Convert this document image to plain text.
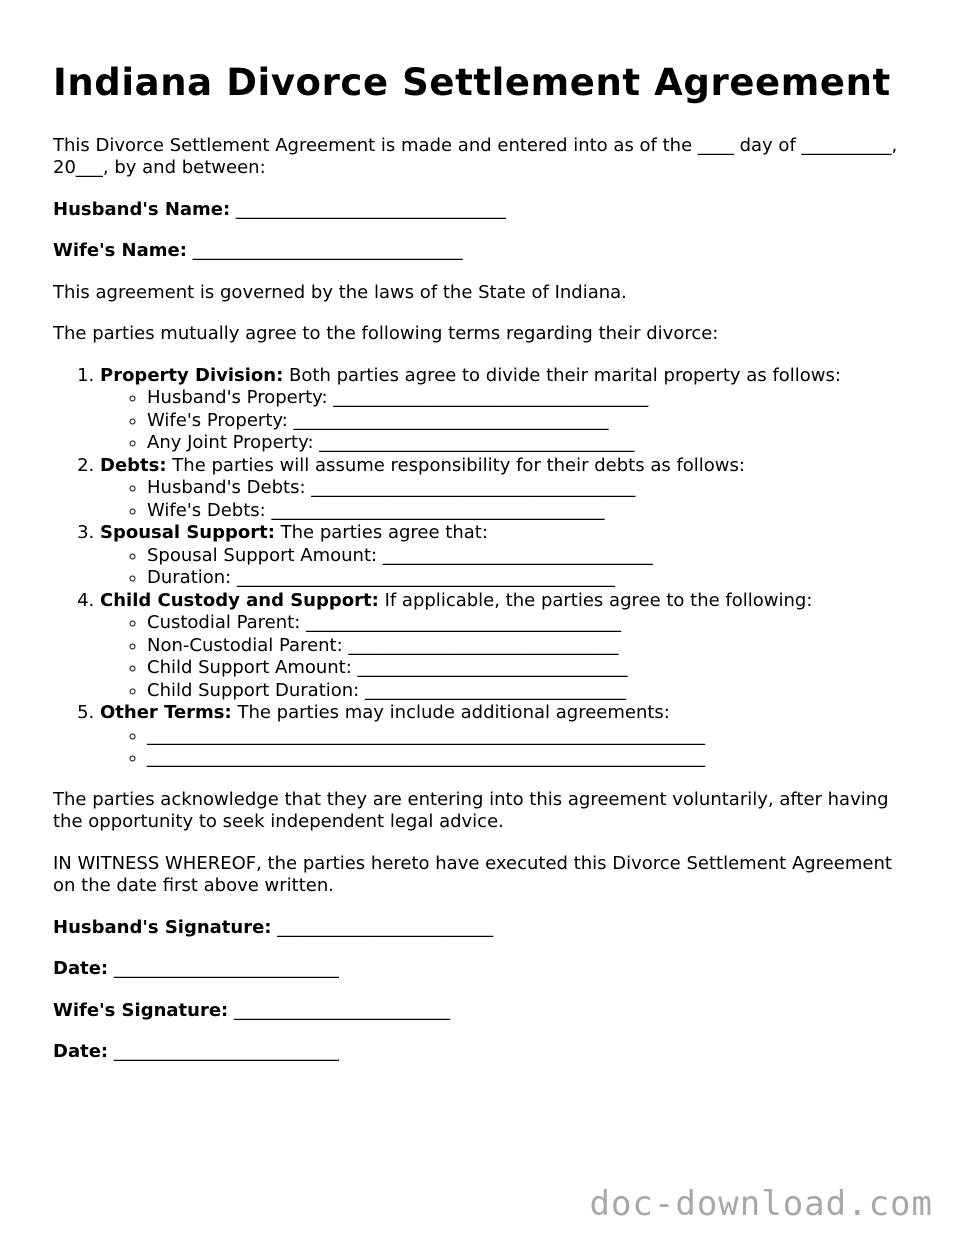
Indiana Divorce Settlement Agreement

This Divorce Settlement Agreement is made and entered into as of the ____ day of __________, 20___, by and between:

Husband's Name: ______________________________

Wife's Name: ______________________________

This agreement is governed by the laws of the State of Indiana.

The parties mutually agree to the following terms regarding their divorce:

1. Property Division: Both parties agree to divide their marital property as follows:
◦ Husband's Property: ___________________________________
◦ Wife's Property: ___________________________________
◦ Any Joint Property: ___________________________________
2. Debts: The parties will assume responsibility for their debts as follows:
◦ Husband's Debts: ____________________________________
◦ Wife's Debts: _____________________________________
3. Spousal Support: The parties agree that:
◦ Spousal Support Amount: ______________________________
◦ Duration: __________________________________________
4. Child Custody and Support: If applicable, the parties agree to the following:
◦ Custodial Parent: ___________________________________
◦ Non-Custodial Parent: ______________________________
◦ Child Support Amount: ______________________________
◦ Child Support Duration: _____________________________
5. Other Terms: The parties may include additional agreements:
◦ ______________________________________________________________
◦ ______________________________________________________________

The parties acknowledge that they are entering into this agreement voluntarily, after having the opportunity to seek independent legal advice.

IN WITNESS WHEREOF, the parties hereto have executed this Divorce Settlement Agreement on the date first above written.

Husband's Signature: ________________________

Date: _________________________

Wife's Signature: ________________________

Date: _________________________

doc-download.com
